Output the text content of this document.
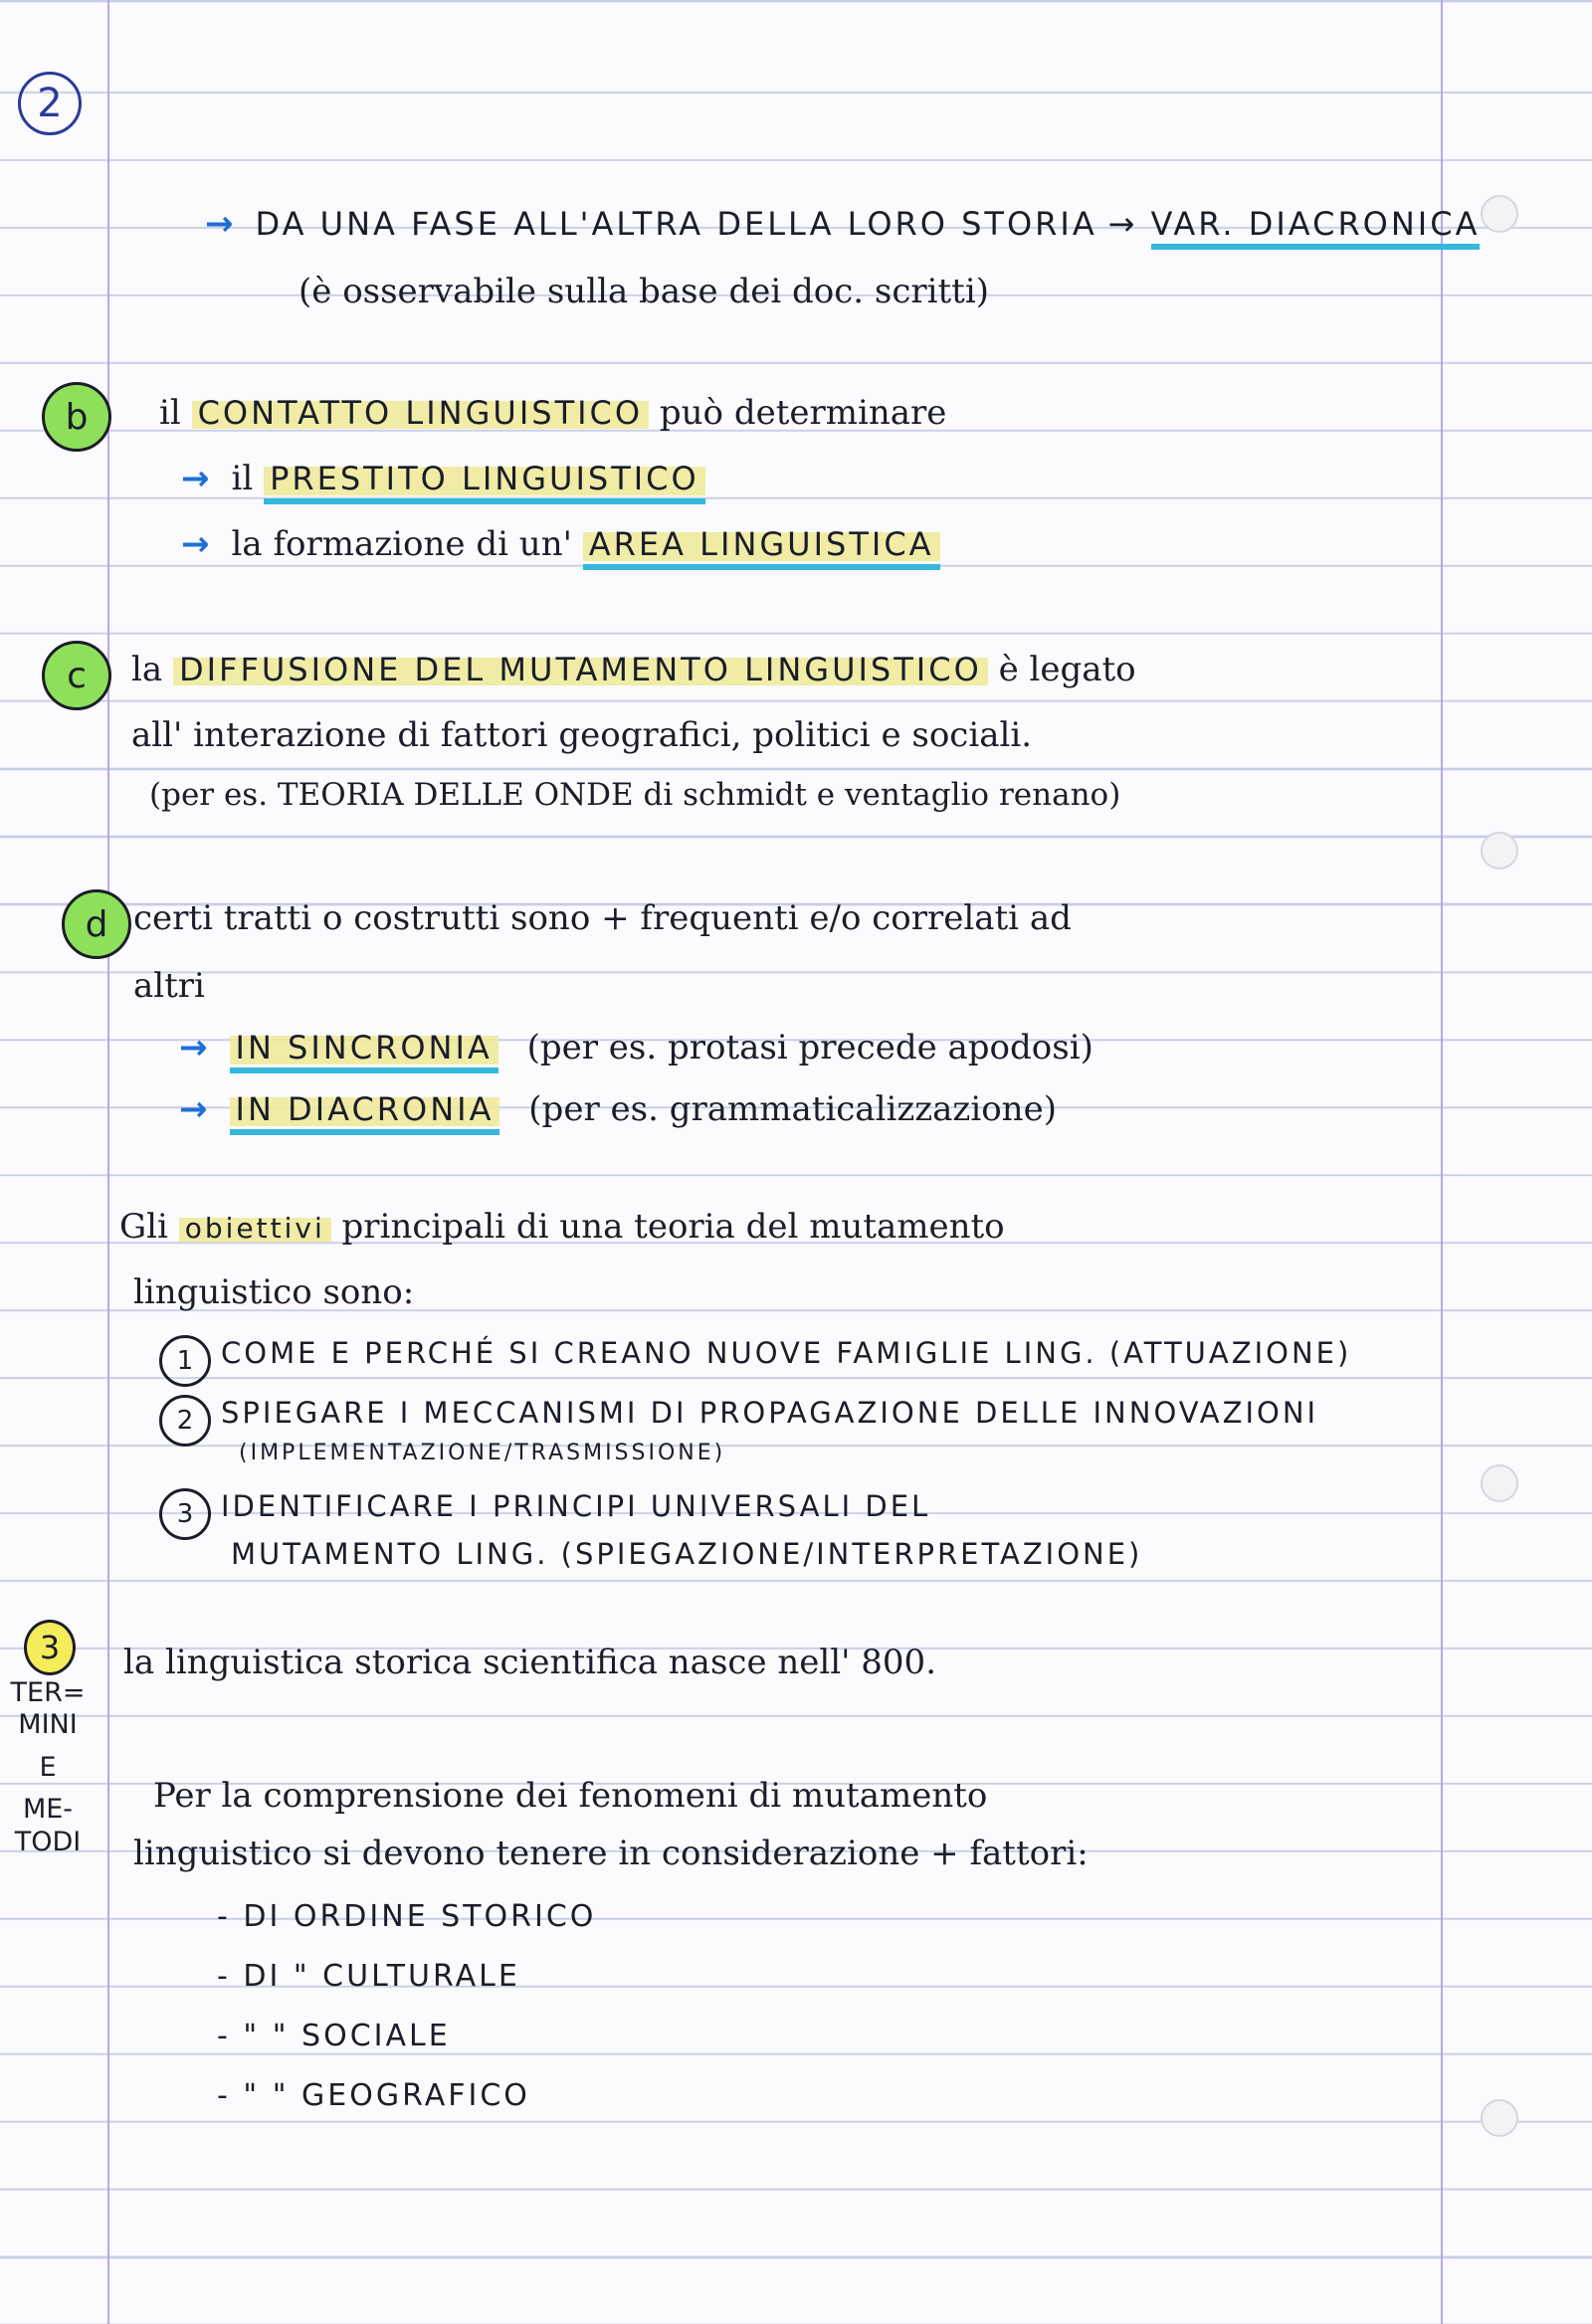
2
→ DA UNA FASE ALL'ALTRA DELLA LORO STORIA → VAR. DIACRONICA
(è osservabile sulla base dei doc. scritti)
b il CONTATTO LINGUISTICO può determinare
→ il PRESTITO LINGUISTICO
→ la formazione di un' AREA LINGUISTICA
c la DIFFUSIONE DEL MUTAMENTO LINGUISTICO è legato
all' interazione di fattori geografici, politici e sociali.
(per es. TEORIA DELLE ONDE di schmidt e ventaglio renano)
d certi tratti o costrutti sono + frequenti e/o correlati ad
altri
→ IN SINCRONIA (per es. protasi precede apodosi)
→ IN DIACRONIA (per es. grammaticalizzazione)
Gli obiettivi principali di una teoria del mutamento
linguistico sono:
1 COME E PERCHÉ SI CREANO NUOVE FAMIGLIE LING. (ATTUAZIONE)
2 SPIEGARE I MECCANISMI DI PROPAGAZIONE DELLE INNOVAZIONI
(IMPLEMENTAZIONE/TRASMISSIONE)
3 IDENTIFICARE I PRINCIPI UNIVERSALI DEL
MUTAMENTO LING. (SPIEGAZIONE/INTERPRETAZIONE)
3
TER=
MINI
E
ME-
TODI
la linguistica storica scientifica nasce nell' 800.
Per la comprensione dei fenomeni di mutamento
linguistico si devono tenere in considerazione + fattori:
- DI ORDINE STORICO
- DI " CULTURALE
- " " SOCIALE
- " " GEOGRAFICO
